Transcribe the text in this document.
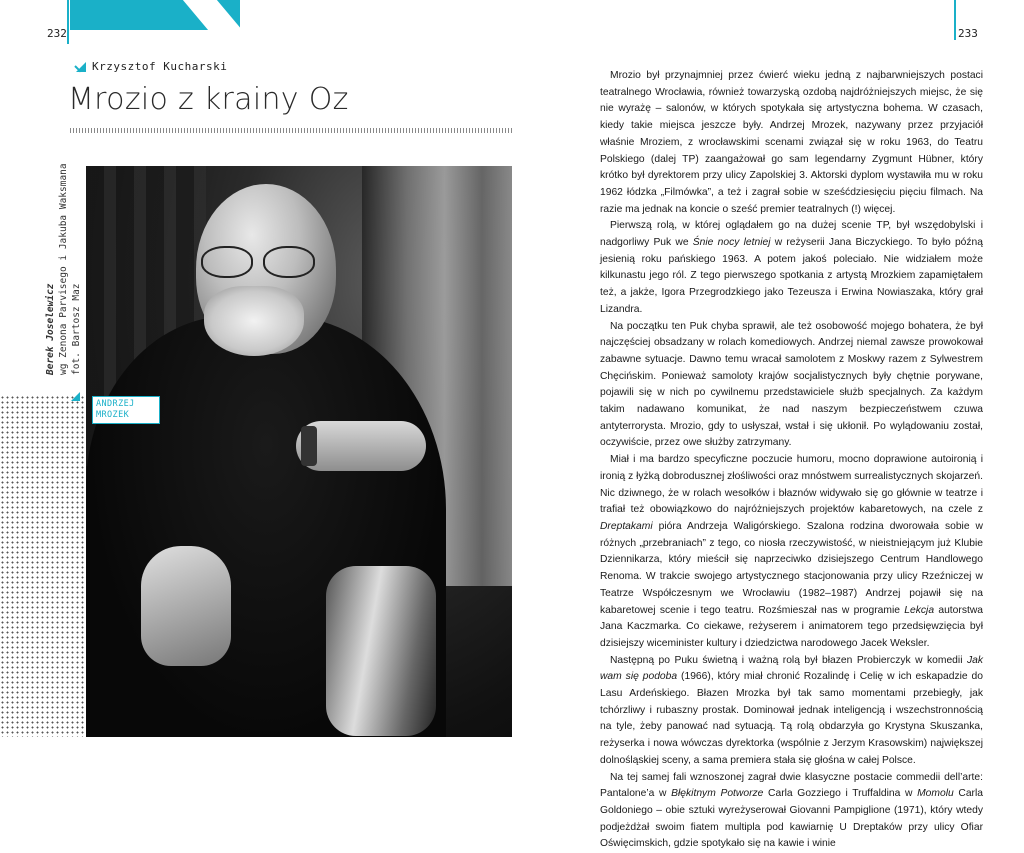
232
Krzysztof Kucharski
Mrozio z krainy Oz
Berek Joselewicz wg Zenona Parvisego i Jakuba Waksmana fot. Bartosz Maz
ANDRZEJ
MROZEK
233

Mrozio był przynajmniej przez ćwierć wieku jedną z najbarwniejszych postaci teatralnego Wrocławia, również towarzyską ozdobą najdróżniejszych miejsc, że się nie wyrażę – salonów, w których spotykała się artystyczna bohema. W czasach, kiedy takie miejsca jeszcze były. Andrzej Mrozek, nazywany przez przyjaciół właśnie Mroziem, z wrocławskimi scenami związał się w roku 1963, do Teatru Polskiego (dalej TP) zaangażował go sam legendarny Zygmunt Hübner, który krótko był dyrektorem przy ulicy Zapolskiej 3. Aktorski dyplom wystawiła mu w roku 1962 łódzka „Filmówka”, a też i zagrał sobie w sześćdziesięciu pięciu filmach. Na razie ma jednak na koncie o sześć premier teatralnych (!) więcej.

Pierwszą rolą, w której oglądałem go na dużej scenie TP, był wszędobylski i nadgorliwy Puk we Śnie nocy letniej w reżyserii Jana Biczyckiego. To było późną jesienią roku pańskiego 1963. A potem jakoś poleciało. Nie widziałem może kilkunastu jego ról. Z tego pierwszego spotkania z artystą Mrozkiem zapamiętałem też, a jakże, Igora Przegrodzkiego jako Tezeusza i Erwina Nowiaszaka, który grał Lizandra.

Na początku ten Puk chyba sprawił, ale też osobowość mojego bohatera, że był najczęściej obsadzany w rolach komediowych. Andrzej niemal zawsze prowokował zabawne sytuacje. Dawno temu wracał samolotem z Moskwy razem z Sylwestrem Chęcińskim. Ponieważ samoloty krajów socjalistycznych były chętnie porywane, pojawili się w nich po cywilnemu przedstawiciele służb specjalnych. Za każdym takim nadawano komunikat, że nad naszym bezpieczeństwem czuwa antyterrorysta. Mrozio, gdy to usłyszał, wstał i się ukłonił. Po wylądowaniu został, oczywiście, przez owe służby zatrzymany.

Miał i ma bardzo specyficzne poczucie humoru, mocno doprawione autoironią i ironią z łyżką dobrodusznej złośliwości oraz mnóstwem surrealistycznych skojarzeń. Nic dziwnego, że w rolach wesołków i błaznów widywało się go głównie w teatrze i trafiał też obowiązkowo do najróżniejszych projektów kabaretowych, na czele z Dreptakami pióra Andrzeja Waligórskiego. Szalona rodzina dworowała sobie w różnych „przebraniach” z tego, co niosła rzeczywistość, w nieistniejącym już Klubie Dziennikarza, który mieścił się naprzeciwko dzisiejszego Centrum Handlowego Renoma. W trakcie swojego artystycznego stacjonowania przy ulicy Rzeźniczej w Teatrze Współczesnym we Wrocławiu (1982–1987) Andrzej pojawił się na kabaretowej scenie i tego teatru. Rozśmieszał nas w programie Lekcja autorstwa Jana Kaczmarka. Co ciekawe, reżyserem i animatorem tego przedsięwzięcia był dzisiejszy wiceminister kultury i dziedzictwa narodowego Jacek Weksler.

Następną po Puku świetną i ważną rolą był błazen Probierczyk w komedii Jak wam się podoba (1966), który miał chronić Rozalindę i Celię w ich eskapadzie do Lasu Ardeńskiego. Błazen Mrozka był tak samo momentami przebiegły, jak tchórzliwy i rubaszny prostak. Dominował jednak inteligencją i wszechstronnością na tyle, żeby panować nad sytuacją. Tą rolą obdarzyła go Krystyna Skuszanka, reżyserka i nowa wówczas dyrektorka (wspólnie z Jerzym Krasowskim) największej dolnośląskiej sceny, a sama premiera stała się głośna w całej Polsce.

Na tej samej fali wznoszonej zagrał dwie klasyczne postacie commedii dell’arte: Pantalone’a w Błękitnym Potworze Carla Gozziego i Truffaldina w Momolu Carla Goldoniego – obie sztuki wyreżyserował Giovanni Pampiglione (1971), który wtedy podjeżdżał swoim fiatem multipla pod kawiarnię U Dreptaków przy ulicy Ofiar Oświęcimskich, gdzie spotykało się na kawie i winie
